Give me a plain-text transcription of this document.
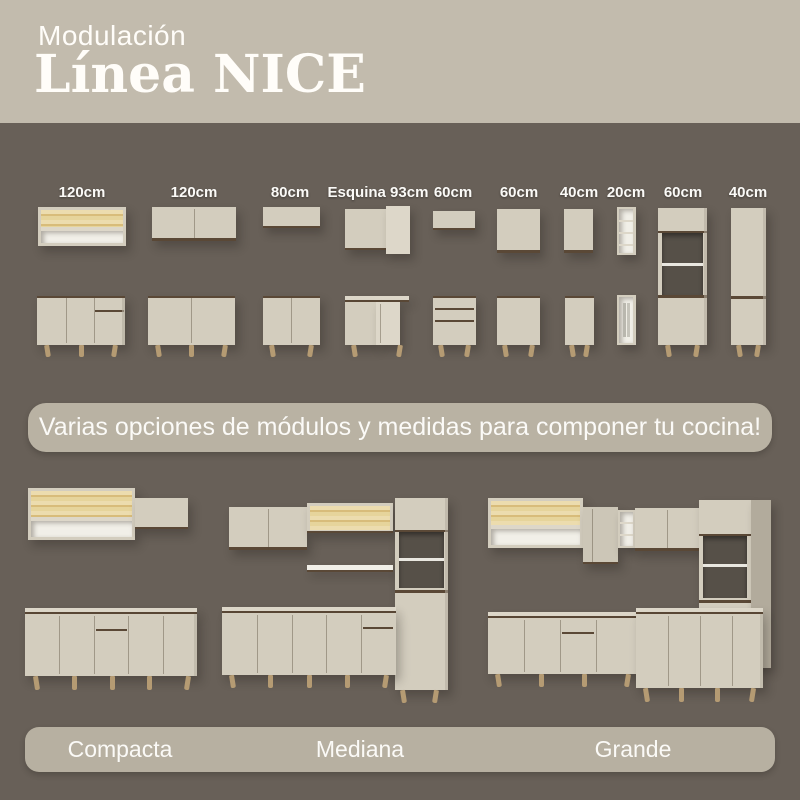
Modulación
Línea NICE
120cm	120cm	80cm	Esquina 93cm 60cm	60cm	40cm 20cm	60cm	40cm
Varias opciones de módulos y medidas para componer tu cocina!
Compacta	Mediana	Grande
